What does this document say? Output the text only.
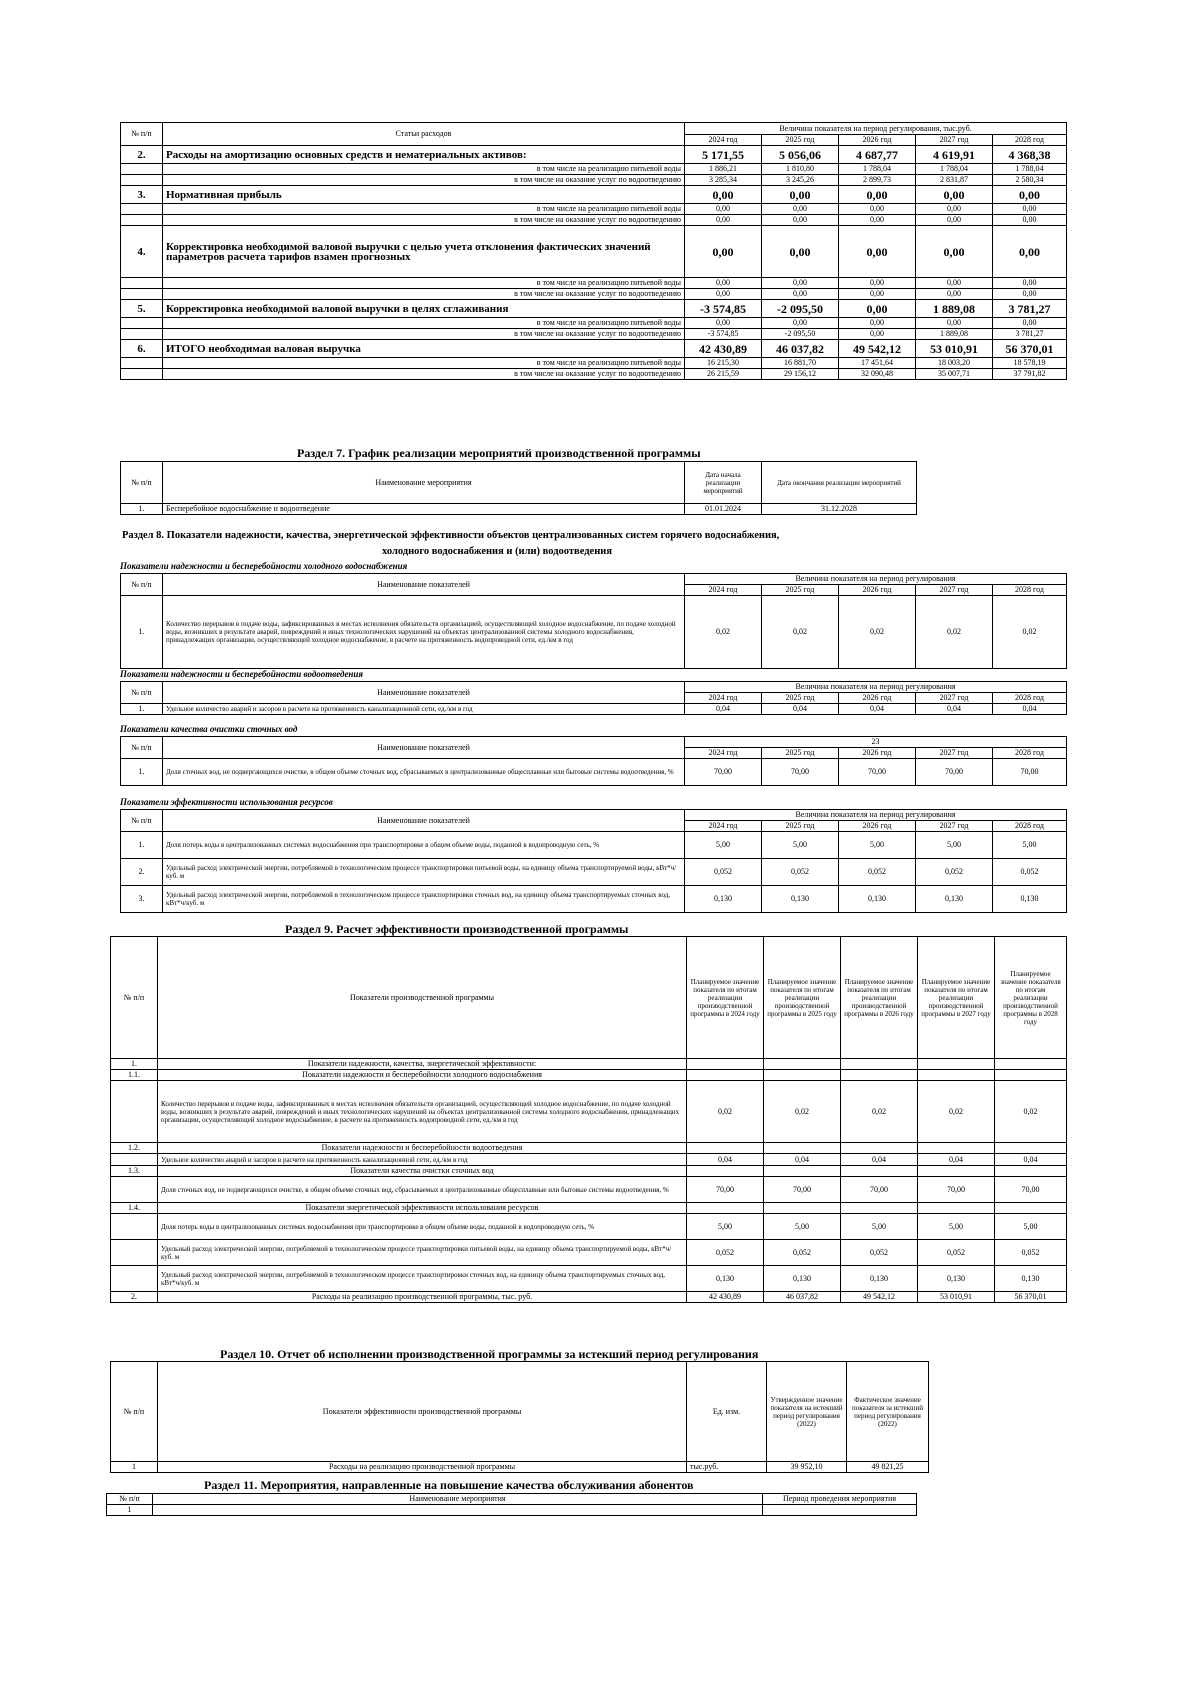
№ п/п	Статьи расходов	Величина показателя на период регулирования, тыс.руб.				
		2024 год	2025 год	2026 год	2027 год	2028 год
2.	Расходы на амортизацию основных средств и нематериальных активов:	5 171,55	5 056,06	4 687,77	4 619,91	4 368,38
	в том числе на реализацию питьевой воды	1 886,21	1 810,80	1 788,04	1 788,04	1 788,04
	в том числе на оказание услуг по водоотведению	3 285,34	3 245,26	2 899,73	2 831,87	2 580,34
3.	Нормативная прибыль	0,00	0,00	0,00	0,00	0,00
	в том числе на реализацию питьевой воды	0,00	0,00	0,00	0,00	0,00
	в том числе на оказание услуг по водоотведению	0,00	0,00	0,00	0,00	0,00
4.	Корректировка необходимой валовой выручки с целью учета отклонения фактических значений параметров расчета тарифов взамен прогнозных	0,00	0,00	0,00	0,00	0,00
	в том числе на реализацию питьевой воды	0,00	0,00	0,00	0,00	0,00
	в том числе на оказание услуг по водоотведению	0,00	0,00	0,00	0,00	0,00
5.	Корректировка необходимой валовой выручки в целях сглаживания	-3 574,85	-2 095,50	0,00	1 889,08	3 781,27
	в том числе на реализацию питьевой воды	0,00	0,00	0,00	0,00	0,00
	в том числе на оказание услуг по водоотведению	-3 574,85	-2 095,50	0,00	1 889,08	3 781,27
6.	ИТОГО необходимая валовая выручка	42 430,89	46 037,82	49 542,12	53 010,91	56 370,01
	в том числе на реализацию питьевой воды	16 215,30	16 881,70	17 451,64	18 003,20	18 578,19
	в том числе на оказание услуг по водоотведению	26 215,59	29 156,12	32 090,48	35 007,71	37 791,82
Раздел 7. График реализации мероприятий производственной программы
№ п/п	Наименование мероприятия	Дата начала реализации мероприятий	Дата окончания реализации мероприятий
1.	Бесперебойное водоснабжение и водоотведение	01.01.2024	31.12.2028
Раздел 8. Показатели надежности, качества, энергетической эффективности объектов централизованных систем горячего водоснабжения,
холодного водоснабжения и (или) водоотведения
Показатели надежности и бесперебойности холодного водоснабжения
№ п/п	Наименование показателей	Величина показателя на период регулирования				
		2024 год	2025 год	2026 год	2027 год	2028 год
1.	Количество перерывов в подаче воды, зафиксированных в местах исполнения обязательств организацией, осуществляющей холодное водоснабжение, по подаче холодной воды, возникших в результате аварий, повреждений и иных технологических нарушений на объектах централизованной системы холодного водоснабжения, принадлежащих организации, осуществляющей холодное водоснабжение, в расчете на протяженность водопроводной сети, ед./км в год	0,02	0,02	0,02	0,02	0,02
Показатели надежности и бесперебойности водоотведения
№ п/п	Наименование показателей	Величина показателя на период регулирования				
		2024 год	2025 год	2026 год	2027 год	2028 год
1.	Удельное количество аварий и засоров в расчете на протяженность канализационной сети, ед./км в год	0,04	0,04	0,04	0,04	0,04
Показатели качества очистки сточных вод
№ п/п	Наименование показателей	23				
		2024 год	2025 год	2026 год	2027 год	2028 год
1.	Доля сточных вод, не подвергающихся очистке, в общем объеме сточных вод, сбрасываемых в централизованные общесплавные или бытовые системы водоотведения, %	70,00	70,00	70,00	70,00	70,00
Показатели эффективности использования ресурсов
№ п/п	Наименование показателей	Величина показателя на период регулирования				
		2024 год	2025 год	2026 год	2027 год	2028 год
1.	Доля потерь воды в централизованных системах водоснабжения при транспортировке в общем объеме воды, поданной в водопроводную сеть, %	5,00	5,00	5,00	5,00	5,00
2.	Удельный расход электрической энергии, потребляемой в технологическом процессе транспортировки питьевой воды, на единицу объема транспортируемой воды, кВт*ч/куб. м	0,052	0,052	0,052	0,052	0,052
3.	Удельный расход электрической энергии, потребляемой в технологическом процессе транспортировки сточных вод, на единицу объема транспортируемых сточных вод, кВт*ч/куб. м	0,130	0,130	0,130	0,130	0,130
Раздел 9. Расчет эффективности производственной программы
№ п/п	Показатели производственной программы	Планируемое значение показателя по итогам реализации производственной программы в 2024 году	Планируемое значение показателя по итогам реализации производственной программы в 2025 году	Планируемое значение показателя по итогам реализации производственной программы в 2026 году	Планируемое значение показателя по итогам реализации производственной программы в 2027 году	Планируемое значение показателя по итогам реализации производственной программы в 2028 году
1.	Показатели надежности, качества, энергетической эффективности:					
1.1.	Показатели надежности и бесперебойности холодного водоснабжения					
	Количество перерывов в подаче воды, зафиксированных в местах исполнения обязательств организацией, осуществляющей холодное водоснабжение, по подаче холодной воды, возникших в результате аварий, повреждений и иных технологических нарушений на объектах централизованной системы холодного водоснабжения, принадлежащих организации, осуществляющей холодное водоснабжение, в расчете на протяженность водопроводной сети, ед./км в год	0,02	0,02	0,02	0,02	0,02
1.2.	Показатели надежности и бесперебойности водоотведения					
	Удельное количество аварий и засоров в расчете на протяженность канализационной сети, ед./км в год	0,04	0,04	0,04	0,04	0,04
1.3.	Показатели качества очистки сточных вод					
	Доля сточных вод, не подвергающихся очистке, в общем объеме сточных вод, сбрасываемых в централизованные общесплавные или бытовые системы водоотведения, %	70,00	70,00	70,00	70,00	70,00
1.4.	Показатели энергетической эффективности использования ресурсов					
	Доля потерь воды в централизованных системах водоснабжения при транспортировке в общем объеме воды, поданной в водопроводную сеть, %	5,00	5,00	5,00	5,00	5,00
	Удельный расход электрической энергии, потребляемой в технологическом процессе транспортировки питьевой воды, на единицу объема транспортируемой воды, кВт*ч/куб. м	0,052	0,052	0,052	0,052	0,052
	Удельный расход электрической энергии, потребляемой в технологическом процессе транспортировки сточных вод, на единицу объема транспортируемых сточных вод, кВт*ч/куб. м	0,130	0,130	0,130	0,130	0,130
2.	Расходы на реализацию производственной программы, тыс. руб.	42 430,89	46 037,82	49 542,12	53 010,91	56 370,01
Раздел 10. Отчет об исполнении производственной программы за истекший период регулирования
№ п/п	Показатели эффективности производственной программы	Ед. изм.	Утвержденное значение показателя на истекший период регулирования (2022)	Фактическое значение показателя за истекший период регулирования (2022)
1	Расходы на реализацию производственной программы	тыс.руб.	39 952,10	49 821,25
Раздел 11. Мероприятия, направленные на повышение качества обслуживания абонентов
№ п/п	Наименование мероприятия	Период проведения мероприятия
1		
